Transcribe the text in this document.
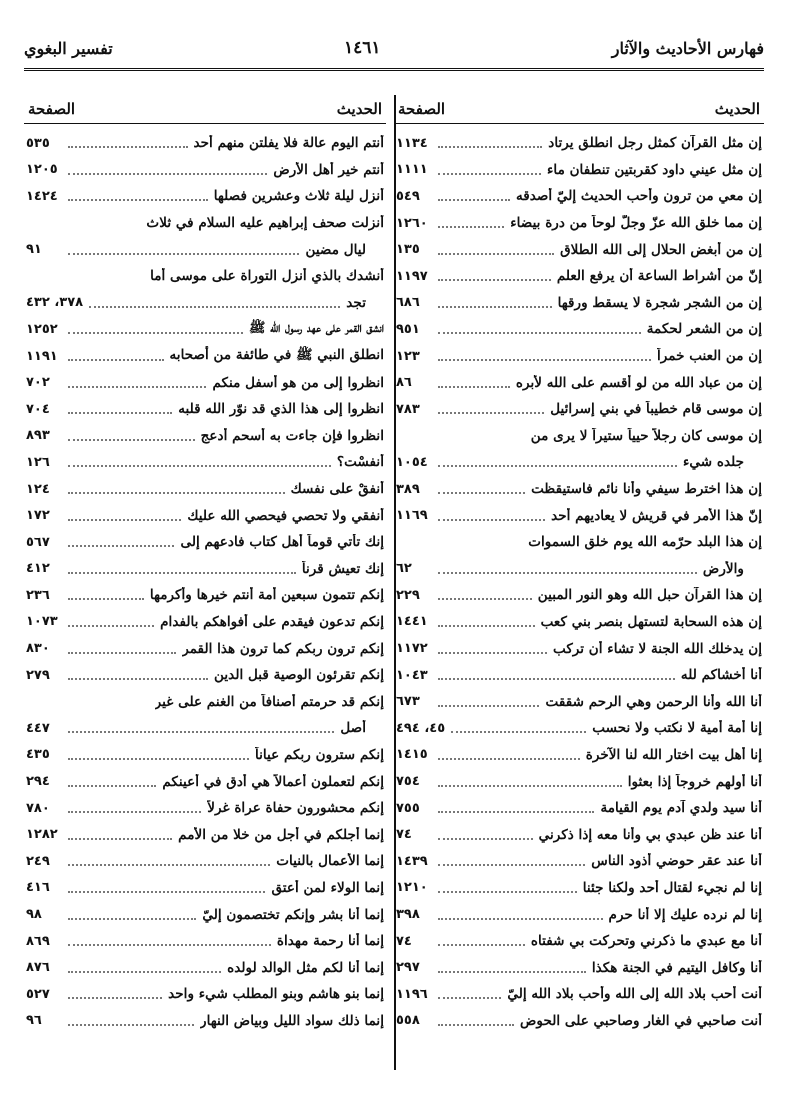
فهارس الأحاديث والآثار
١٤٦١
تفسير البغوي
الحديث
الصفحة
إن مثل القرآن كمثل رجل انطلق يرتاد
١١٣٤
إن مثل عيني داود كقربتين تنطفان ماء
١١١١
إن معي من ترون وأحب الحديث إليّ أصدقه
٥٤٩
إن مما خلق الله عزّ وجلّ لوحاً من درة بيضاء
١٢٦٠
إن من أبغض الحلال إلى الله الطلاق
١٣٥
إنّ من أشراط الساعة أن يرفع العلم
١١٩٧
إن من الشجر شجرة لا يسقط ورقها
٦٨٦
إن من الشعر لحكمة
٩٥١
إن من العنب خمراً
١٢٣
إن من عباد الله من لو أقسم على الله لأبره
٨٦
إن موسى قام خطيباً في بني إسرائيل
٧٨٣
إن موسى كان رجلاً حيياً ستيراً لا يرى من
جلده شيء
١٠٥٤
إن هذا اخترط سيفي وأنا نائم فاستيقظت
٣٨٩
إنّ هذا الأمر في قريش لا يعاديهم أحد
١١٦٩
إن هذا البلد حرّمه الله يوم خلق السموات
والأرض
٦٢
إن هذا القرآن حبل الله وهو النور المبين
٢٢٩
إن هذه السحابة لتستهل بنصر بني كعب
١٤٤١
إن يدخلك الله الجنة لا تشاء أن تركب
١١٧٢
أنا أخشاكم لله
١٠٤٣
أنا الله وأنا الرحمن وهي الرحم شققت
٦٧٣
إنا أمة أمية لا نكتب ولا نحسب
٤٥، ٤٩٤
إنا أهل بيت اختار الله لنا الآخرة
١٤١٥
أنا أولهم خروجاً إذا بعثوا
٧٥٤
أنا سيد ولدي آدم يوم القيامة
٧٥٥
أنا عند ظن عبدي بي وأنا معه إذا ذكرني
٧٤
أنا عند عقر حوضي أذود الناس
١٤٣٩
إنا لم نجيء لقتال أحد ولكنا جئنا
١٢١٠
إنا لم نرده عليك إلا أنا حرم
٣٩٨
أنا مع عبدي ما ذكرني وتحركت بي شفتاه
٧٤
أنا وكافل اليتيم في الجنة هكذا
٢٩٧
أنت أحب بلاد الله إلى الله وأحب بلاد الله إليّ
١١٩٦
أنت صاحبي في الغار وصاحبي على الحوض
٥٥٨
الحديث
الصفحة
أنتم اليوم عالة فلا يفلتن منهم أحد
٥٣٥
أنتم خير أهل الأرض
١٢٠٥
أنزل ليلة ثلاث وعشرين فصلها
١٤٢٤
أنزلت صحف إبراهيم عليه السلام في ثلاث
ليال مضين
٩١
أنشدك بالذي أنزل التوراة على موسى أما
تجد
٣٧٨، ٤٣٢
انشق القمر على عهد رسول الله ﷺ
١٢٥٢
انطلق النبي ﷺ في طائفة من أصحابه
١١٩١
انظروا إلى من هو أسفل منكم
٧٠٢
انظروا إلى هذا الذي قد نوّر الله قلبه
٧٠٤
انظروا فإن جاءت به أسحم أدعج
٨٩٣
أنفسْت؟
١٢٦
أنفقْ على نفسك
١٢٤
أنفقي ولا تحصي فيحصي الله عليك
١٧٢
إنك تأتي قوماً أهل كتاب فادعهم إلى
٥٦٧
إنك تعيش قرناً
٤١٢
إنكم تتمون سبعين أمة أنتم خيرها وأكرمها
٢٣٦
إنكم تدعون فيقدم على أفواهكم بالفدام
١٠٧٣
إنكم ترون ربكم كما ترون هذا القمر
٨٣٠
إنكم تقرئون الوصية قبل الدين
٢٧٩
إنكم قد حرمتم أصنافاً من الغنم على غير
أصل
٤٤٧
إنكم سترون ربكم عياناً
٤٣٥
إنكم لتعملون أعمالاً هي أدق في أعينكم
٢٩٤
إنكم محشورون حفاة عراة غرلاً
٧٨٠
إنما أجلكم في أجل من خلا من الأمم
١٢٨٢
إنما الأعمال بالنيات
٢٤٩
إنما الولاء لمن أعتق
٤١٦
إنما أنا بشر وإنكم تختصمون إليّ
٩٨
إنما أنا رحمة مهداة
٨٦٩
إنما أنا لكم مثل الوالد لولده
٨٧٦
إنما بنو هاشم وبنو المطلب شيء واحد
٥٢٧
إنما ذلك سواد الليل وبياض النهار
٩٦
